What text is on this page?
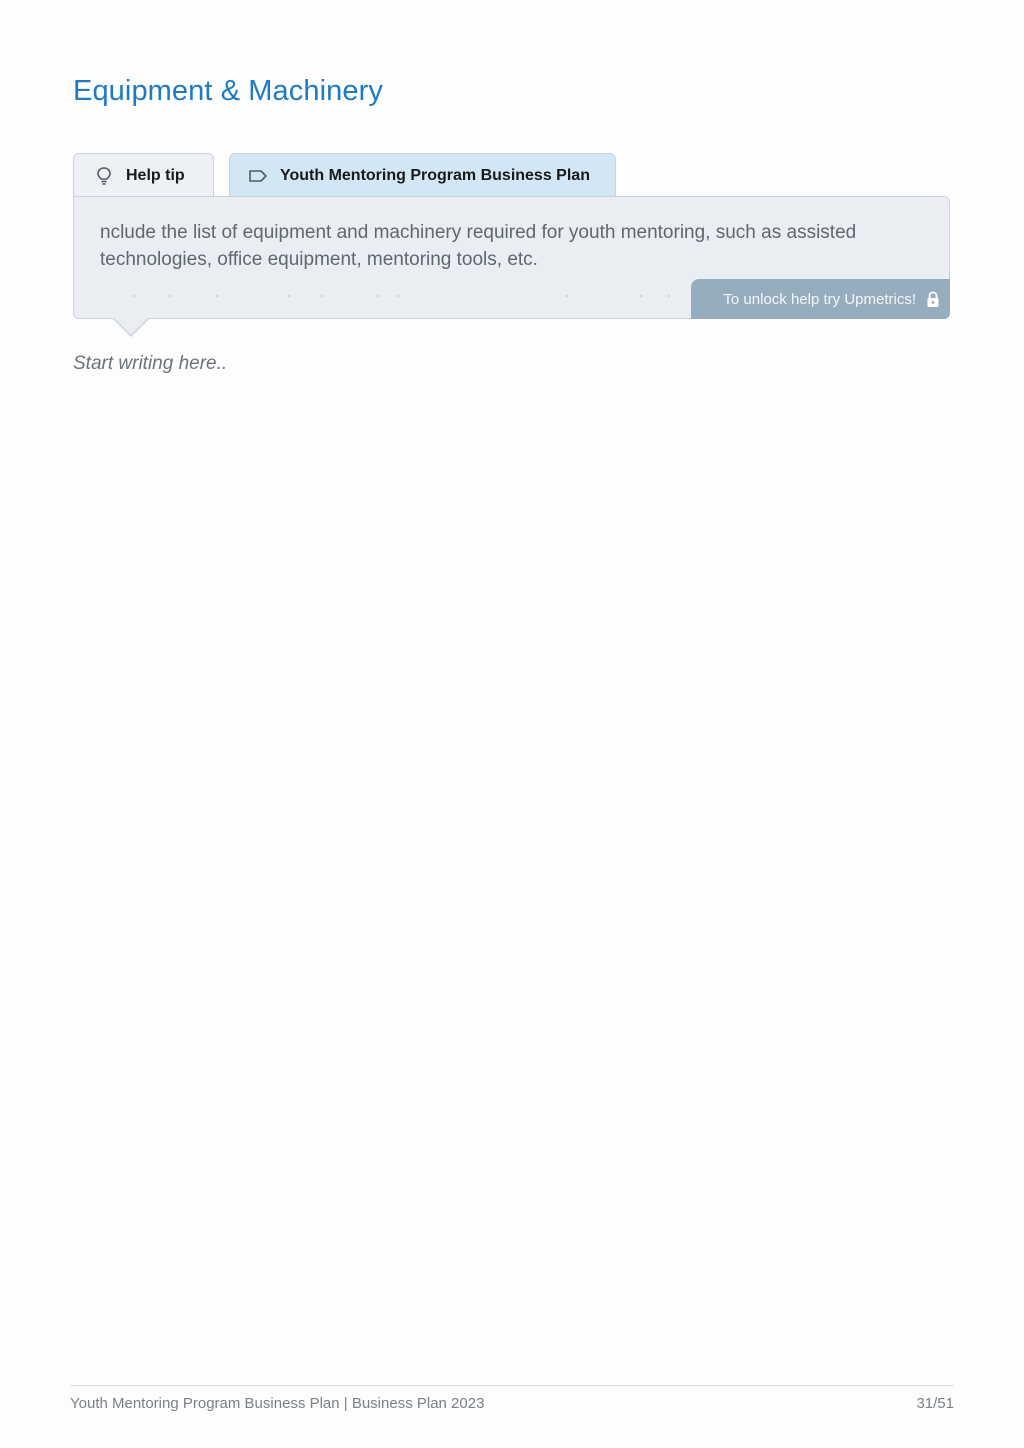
Equipment & Machinery
Help tip	Youth Mentoring Program Business Plan

nclude the list of equipment and machinery required for youth mentoring, such as assisted technologies, office equipment, mentoring tools, etc.

To unlock help try Upmetrics!
Start writing here..
Youth Mentoring Program Business Plan | Business Plan 2023	31/51
